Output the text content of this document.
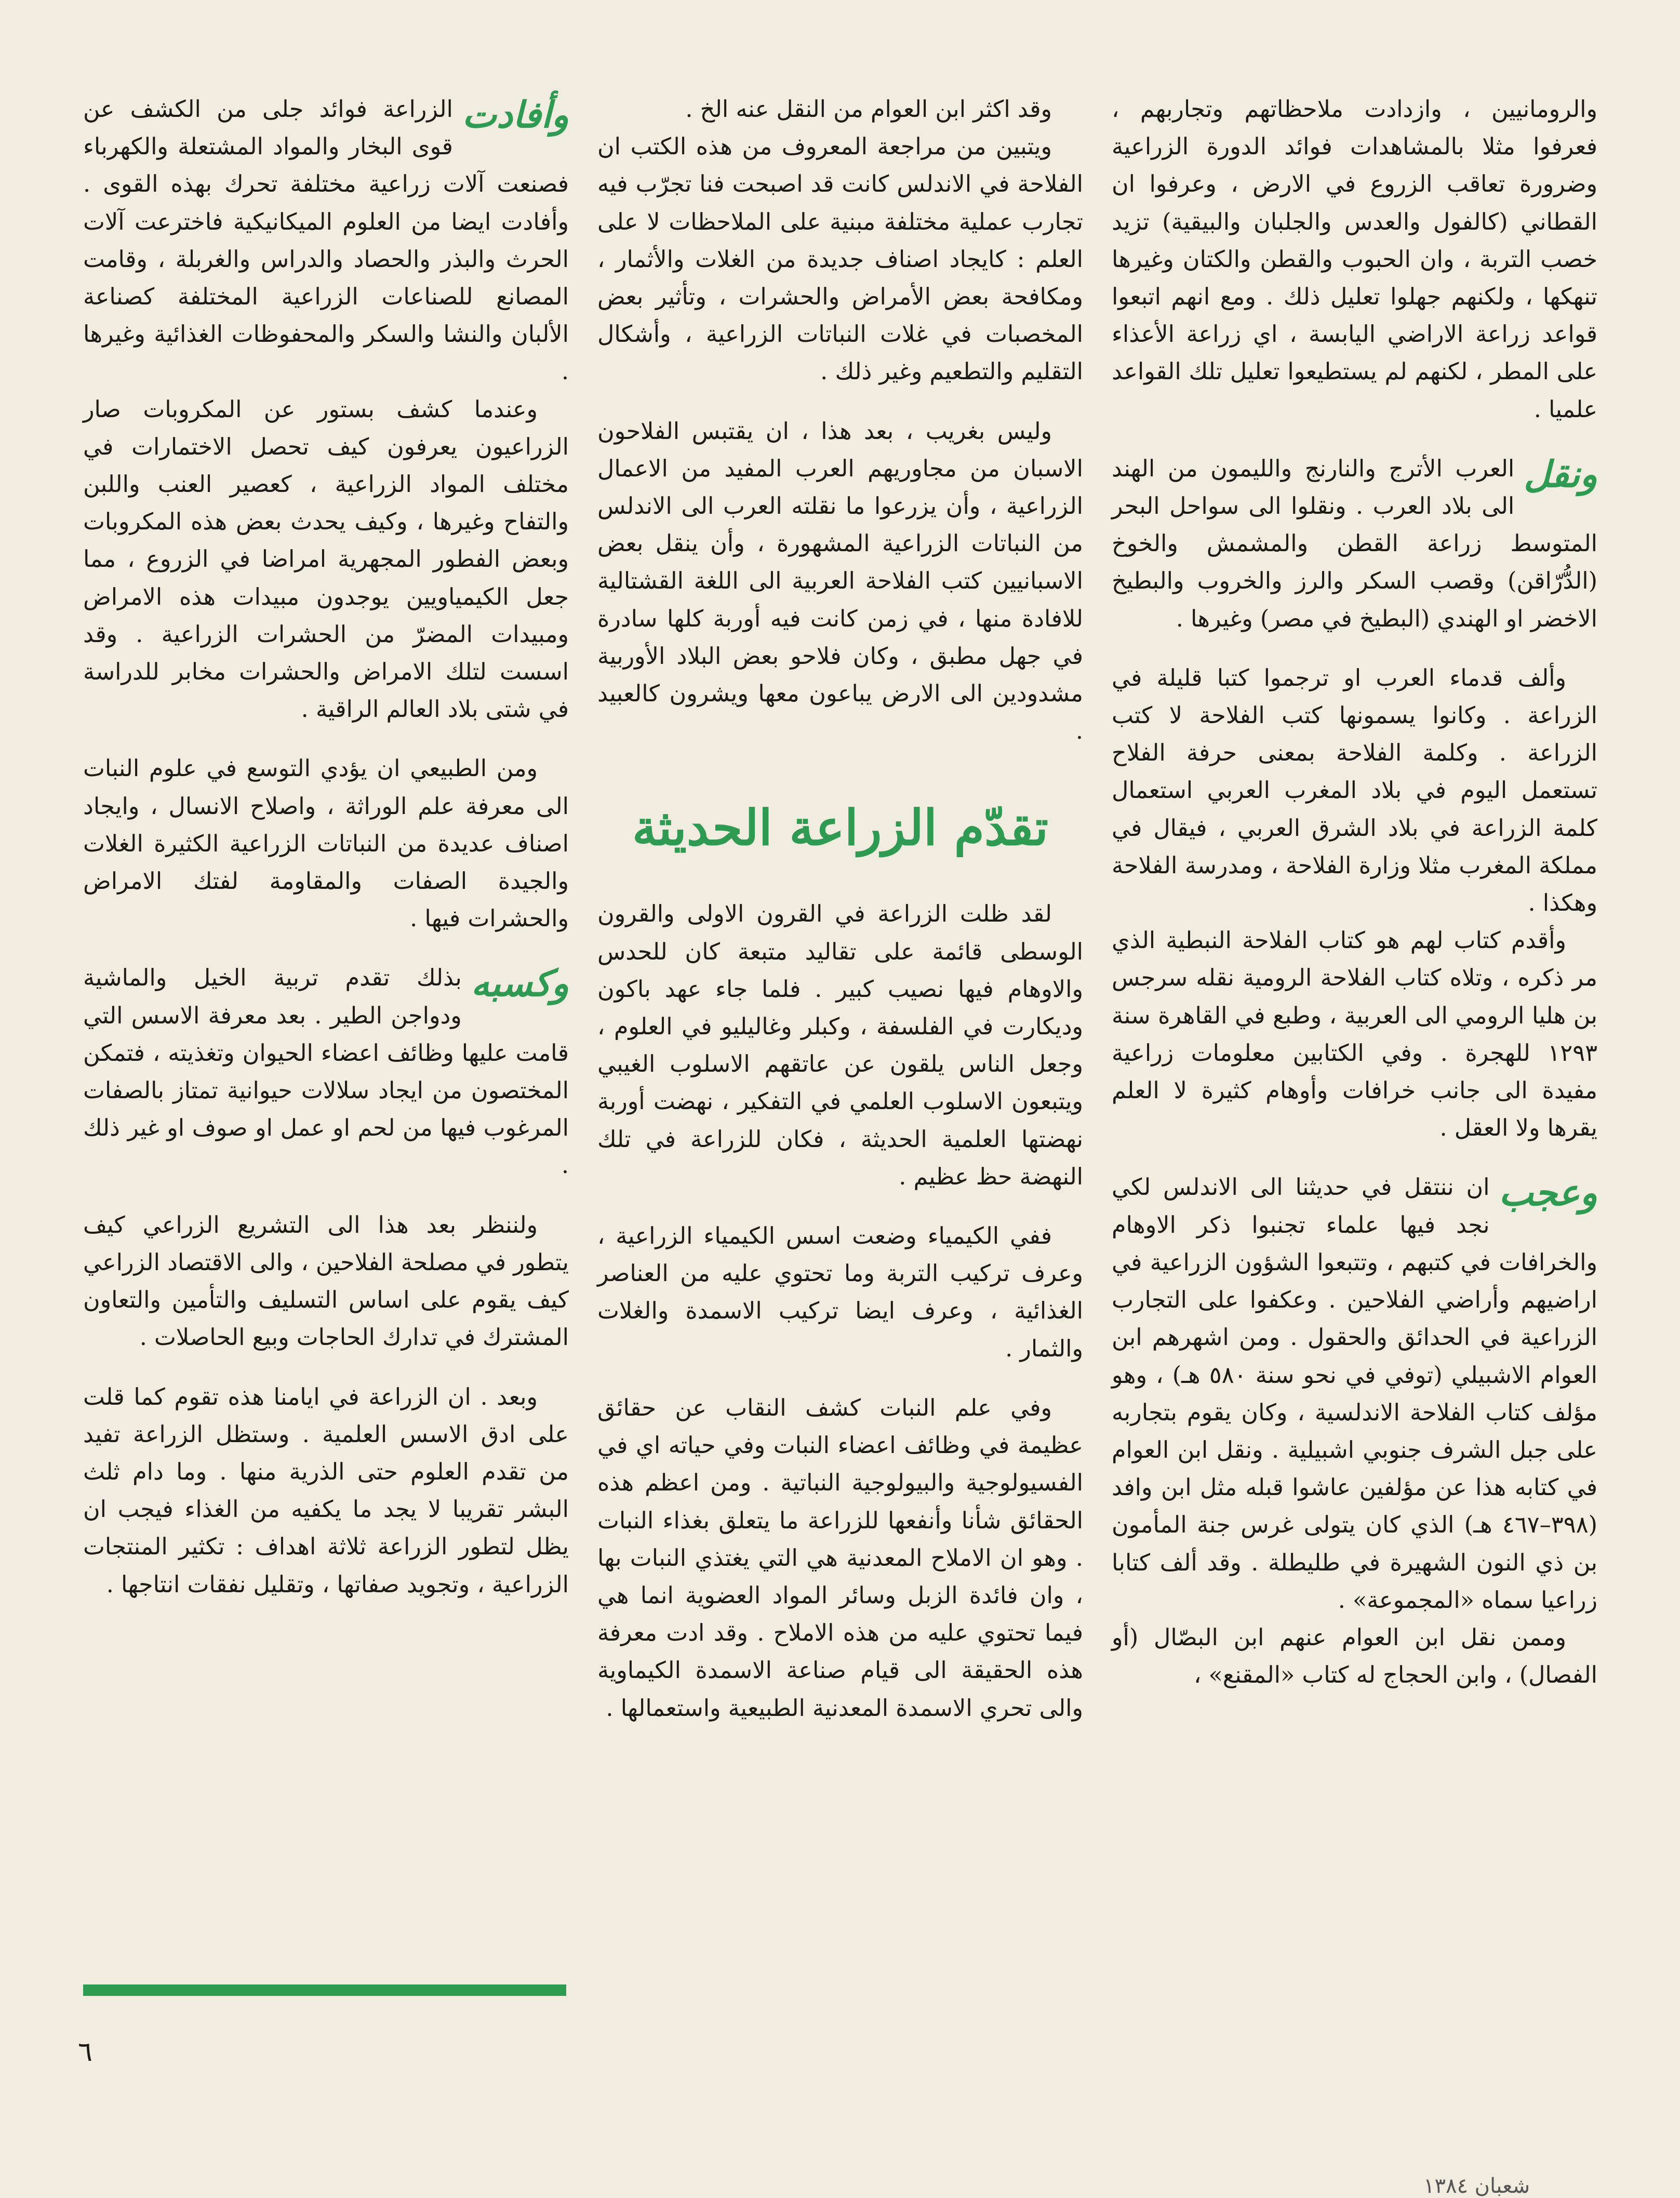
والرومانيين ، وازدادت ملاحظاتهم وتجاربهم ، فعرفوا مثلا بالمشاهدات فوائد الدورة الزراعية وضرورة تعاقب الزروع في الارض ، وعرفوا ان القطاني (كالفول والعدس والجلبان والبيقية) تزيد خصب التربة ، وان الحبوب والقطن والكتان وغيرها تنهكها ، ولكنهم جهلوا تعليل ذلك . ومع انهم اتبعوا قواعد زراعة الاراضي اليابسة ، اي زراعة الأعذاء على المطر ، لكنهم لم يستطيعوا تعليل تلك القواعد علميا .

ونقل
العرب الأترج والنارنج والليمون من الهند الى بلاد العرب . ونقلوا الى سواحل البحر المتوسط زراعة القطن والمشمش والخوخ (الدُّرّاقن) وقصب السكر والرز والخروب والبطيخ الاخضر او الهندي (البطيخ في مصر) وغيرها .

وألف قدماء العرب او ترجموا كتبا قليلة في الزراعة . وكانوا يسمونها كتب الفلاحة لا كتب الزراعة . وكلمة الفلاحة بمعنى حرفة الفلاح تستعمل اليوم في بلاد المغرب العربي استعمال كلمة الزراعة في بلاد الشرق العربي ، فيقال في مملكة المغرب مثلا وزارة الفلاحة ، ومدرسة الفلاحة وهكذا .

وأقدم كتاب لهم هو كتاب الفلاحة النبطية الذي مر ذكره ، وتلاه كتاب الفلاحة الرومية نقله سرجس بن هليا الرومي الى العربية ، وطبع في القاهرة سنة ١٢٩٣ للهجرة . وفي الكتابين معلومات زراعية مفيدة الى جانب خرافات وأوهام كثيرة لا العلم يقرها ولا العقل .

وعجب
ان ننتقل في حديثنا الى الاندلس لكي نجد فيها علماء تجنبوا ذكر الاوهام والخرافات في كتبهم ، وتتبعوا الشؤون الزراعية في اراضيهم وأراضي الفلاحين . وعكفوا على التجارب الزراعية في الحدائق والحقول . ومن اشهرهم ابن العوام الاشبيلي (توفي في نحو سنة ٥٨٠ هـ) ، وهو مؤلف كتاب الفلاحة الاندلسية ، وكان يقوم بتجاربه على جبل الشرف جنوبي اشبيلية . ونقل ابن العوام في كتابه هذا عن مؤلفين عاشوا قبله مثل ابن وافد (٣٩٨–٤٦٧ هـ) الذي كان يتولى غرس جنة المأمون بن ذي النون الشهيرة في طليطلة . وقد ألف كتابا زراعيا سماه «المجموعة» .

وممن نقل ابن العوام عنهم ابن البصّال (أو الفصال) ، وابن الحجاج له كتاب «المقنع» ،

وقد اكثر ابن العوام من النقل عنه الخ .

ويتبين من مراجعة المعروف من هذه الكتب ان الفلاحة في الاندلس كانت قد اصبحت فنا تجرّب فيه تجارب عملية مختلفة مبنية على الملاحظات لا على العلم : كايجاد اصناف جديدة من الغلات والأثمار ، ومكافحة بعض الأمراض والحشرات ، وتأثير بعض المخصبات في غلات النباتات الزراعية ، وأشكال التقليم والتطعيم وغير ذلك .

وليس بغريب ، بعد هذا ، ان يقتبس الفلاحون الاسبان من مجاوريهم العرب المفيد من الاعمال الزراعية ، وأن يزرعوا ما نقلته العرب الى الاندلس من النباتات الزراعية المشهورة ، وأن ينقل بعض الاسبانيين كتب الفلاحة العربية الى اللغة القشتالية للافادة منها ، في زمن كانت فيه أوربة كلها سادرة في جهل مطبق ، وكان فلاحو بعض البلاد الأوربية مشدودين الى الارض يباعون معها ويشرون كالعبيد .

تقدّم الزراعة الحديثة

لقد ظلت الزراعة في القرون الاولى والقرون الوسطى قائمة على تقاليد متبعة كان للحدس والاوهام فيها نصيب كبير . فلما جاء عهد باكون وديكارت في الفلسفة ، وكبلر وغاليليو في العلوم ، وجعل الناس يلقون عن عاتقهم الاسلوب الغيبي ويتبعون الاسلوب العلمي في التفكير ، نهضت أوربة نهضتها العلمية الحديثة ، فكان للزراعة في تلك النهضة حظ عظيم .

ففي الكيمياء وضعت اسس الكيمياء الزراعية ، وعرف تركيب التربة وما تحتوي عليه من العناصر الغذائية ، وعرف ايضا تركيب الاسمدة والغلات والثمار .

وفي علم النبات كشف النقاب عن حقائق عظيمة في وظائف اعضاء النبات وفي حياته اي في الفسيولوجية والبيولوجية النباتية . ومن اعظم هذه الحقائق شأنا وأنفعها للزراعة ما يتعلق بغذاء النبات . وهو ان الاملاح المعدنية هي التي يغتذي النبات بها ، وان فائدة الزبل وسائر المواد العضوية انما هي فيما تحتوي عليه من هذه الاملاح . وقد ادت معرفة هذه الحقيقة الى قيام صناعة الاسمدة الكيماوية والى تحري الاسمدة المعدنية الطبيعية واستعمالها .

وأفادت
الزراعة فوائد جلى من الكشف عن قوى البخار والمواد المشتعلة والكهرباء فصنعت آلات زراعية مختلفة تحرك بهذه القوى . وأفادت ايضا من العلوم الميكانيكية فاخترعت آلات الحرث والبذر والحصاد والدراس والغربلة ، وقامت المصانع للصناعات الزراعية المختلفة كصناعة الألبان والنشا والسكر والمحفوظات الغذائية وغيرها .

وعندما كشف بستور عن المكروبات صار الزراعيون يعرفون كيف تحصل الاختمارات في مختلف المواد الزراعية ، كعصير العنب واللبن والتفاح وغيرها ، وكيف يحدث بعض هذه المكروبات وبعض الفطور المجهرية امراضا في الزروع ، مما جعل الكيمياويين يوجدون مبيدات هذه الامراض ومبيدات المضرّ من الحشرات الزراعية . وقد اسست لتلك الامراض والحشرات مخابر للدراسة في شتى بلاد العالم الراقية .

ومن الطبيعي ان يؤدي التوسع في علوم النبات الى معرفة علم الوراثة ، واصلاح الانسال ، وايجاد اصناف عديدة من النباتات الزراعية الكثيرة الغلات والجيدة الصفات والمقاومة لفتك الامراض والحشرات فيها .

وكسبه
بذلك تقدم تربية الخيل والماشية ودواجن الطير . بعد معرفة الاسس التي قامت عليها وظائف اعضاء الحيوان وتغذيته ، فتمكن المختصون من ايجاد سلالات حيوانية تمتاز بالصفات المرغوب فيها من لحم او عمل او صوف او غير ذلك .

ولننظر بعد هذا الى التشريع الزراعي كيف يتطور في مصلحة الفلاحين ، والى الاقتصاد الزراعي كيف يقوم على اساس التسليف والتأمين والتعاون المشترك في تدارك الحاجات وبيع الحاصلات .

وبعد . ان الزراعة في ايامنا هذه تقوم كما قلت على ادق الاسس العلمية . وستظل الزراعة تفيد من تقدم العلوم حتى الذرية منها . وما دام ثلث البشر تقريبا لا يجد ما يكفيه من الغذاء فيجب ان يظل لتطور الزراعة ثلاثة اهداف : تكثير المنتجات الزراعية ، وتجويد صفاتها ، وتقليل نفقات انتاجها .

٦
شعبان ١٣٨٤
